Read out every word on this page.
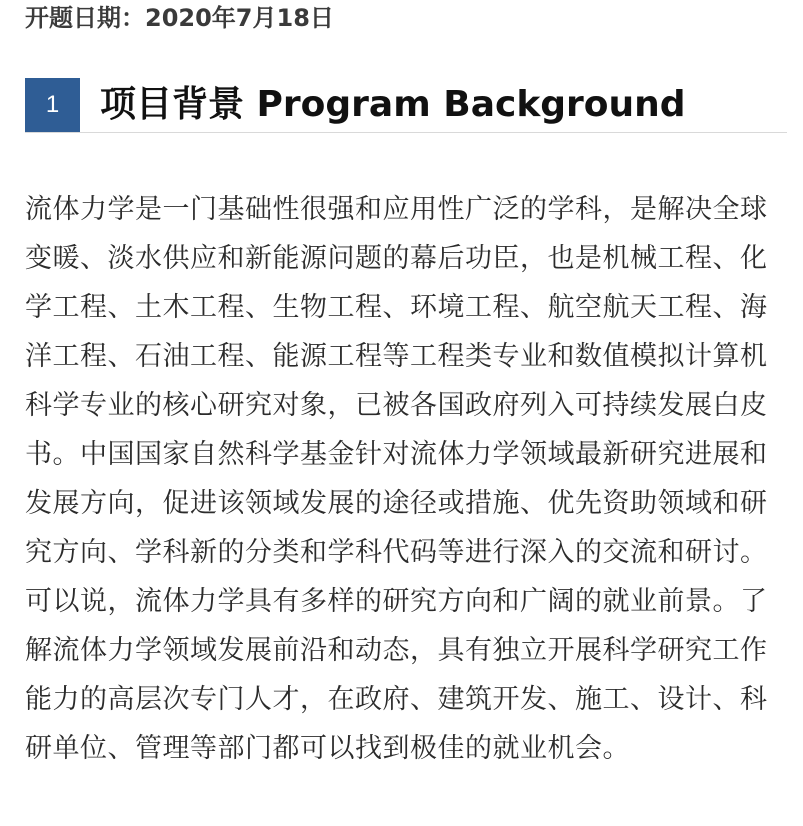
开题日期：2020年7月18日
1	项目背景 Program Background

流体力学是一门基础性很强和应用性广泛的学科，是解决全球变暖、淡水供应和新能源问题的幕后功臣，也是机械工程、化学工程、土木工程、生物工程、环境工程、航空航天工程、海洋工程、石油工程、能源工程等工程类专业和数值模拟计算机科学专业的核心研究对象，已被各国政府列入可持续发展白皮书。中国国家自然科学基金针对流体力学领域最新研究进展和发展方向，促进该领域发展的途径或措施、优先资助领域和研究方向、学科新的分类和学科代码等进行深入的交流和研讨。可以说，流体力学具有多样的研究方向和广阔的就业前景。了解流体力学领域发展前沿和动态，具有独立开展科学研究工作能力的高层次专门人才，在政府、建筑开发、施工、设计、科研单位、管理等部门都可以找到极佳的就业机会。
